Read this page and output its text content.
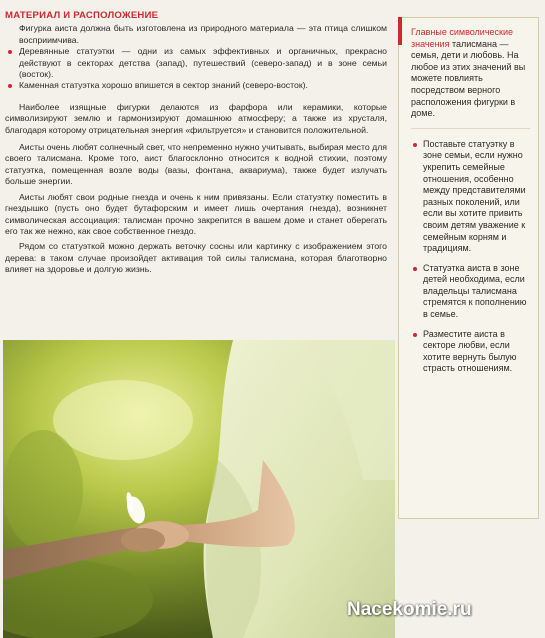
МАТЕРИАЛ И РАСПОЛОЖЕНИЕ

Фигурка аиста должна быть изготовлена из природного материала — эта птица слишком восприимчива.

Деревянные статуэтки — одни из самых эффективных и органичных, прекрасно действуют в секторах детства (запад), путешествий (северо-запад) и в зоне семьи (восток).
Каменная статуэтка хорошо впишется в сектор знаний (северо-восток).

Наиболее изящные фигурки делаются из фарфора или керамики, которые символизируют землю и гармонизируют домашнюю атмосферу; а также из хрусталя, благодаря которому отрицательная энергия «фильтруется» и становится положительной.

Аисты очень любят солнечный свет, что непременно нужно учитывать, выбирая место для своего талисмана. Кроме того, аист благосклонно относится к водной стихии, поэтому статуэтка, помещенная возле воды (вазы, фонтана, аквариума), также будет излучать больше энергии.

Аисты любят свои родные гнезда и очень к ним привязаны. Если статуэтку поместить в гнездышко (пусть оно будет бутафорским и имеет лишь очертания гнезда), возникнет символическая ассоциация: талисман прочно закрепится в вашем доме и станет оберегать его так же нежно, как свое собственное гнездо.

Рядом со статуэткой можно держать веточку сосны или картинку с изображением этого дерева: в таком случае произойдет активация той силы талисмана, которая благотворно влияет на здоровье и долгую жизнь.

Главные символические значения талисмана — семья, дети и любовь. На любое из этих значений вы можете повлиять посредством верного расположения фигурки в доме.
Поставьте статуэтку в зоне семьи, если нужно укрепить семейные отношения, особенно между представителями разных поколений, или если вы хотите привить своим детям уважение к семейным корням и традициям.
Статуэтка аиста в зоне детей необходима, если владельцы талисмана стремятся к пополнению в семье.
Разместите аиста в секторе любви, если хотите вернуть былую страсть отношениям.
Nacekomie.ru
